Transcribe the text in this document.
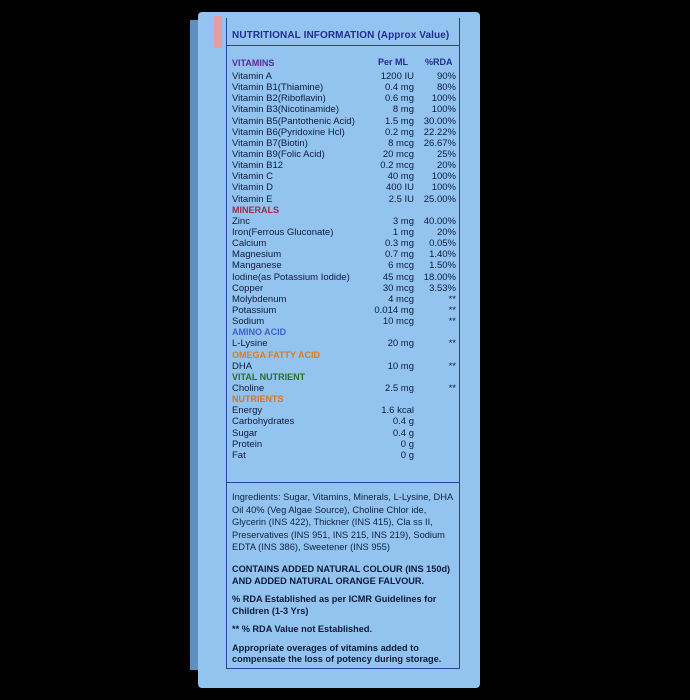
NUTRITIONAL INFORMATION (Approx Value)
Per ML %RDA
VITAMINS
Vitamin A	1200 IU 90%
Vitamin B1(Thiamine)	0.4 mg 80%
Vitamin B2(Riboflavin)	0.6 mg 100%
Vitamin B3(Nicotinamide)	8 mg 100%
Vitamin B5(Pantothenic Acid)	1.5 mg 30.00%
Vitamin B6(Pyridoxine Hcl)	0.2 mg 22.22%
Vitamin B7(Biotin)	8 mcg 26.67%
Vitamin B9(Folic Acid)	20 mcg 25%
Vitamin B12	0.2 mcg 20%
Vitamin C	40 mg 100%
Vitamin D	400 IU 100%
Vitamin E	2.5 IU 25.00%
MINERALS
Zinc	3 mg 40.00%
Iron(Ferrous Gluconate)	1 mg 20%
Calcium	0.3 mg 0.05%
Magnesium	0.7 mg 1.40%
Manganese	6 mcg 1.50%
Iodine(as Potassium Iodide)	45 mcg 18.00%
Copper	30 mcg 3.53%
Molybdenum	4 mcg	**
Potassium	0.014 mg	**
Sodium	10 mcg	**
AMINO ACID
L-Lysine	20 mg	**
OMEGA FATTY ACID
DHA	10 mg	**
VITAL NUTRIENT
Choline	2.5 mg	**
NUTRIENTS
Energy	1.6 kcal
Carbohydrates	0.4 g
Sugar	0.4 g
Protein	0 g
Fat	0 g
Ingredients: Sugar, Vitamins, Minerals, L-Lysine, DHA Oil 40% (Veg Algae Source), Choline Chlor ide, Glycerin (INS 422), Thickner (INS 415), Cla ss II, Preservatives (INS 951, INS 215, INS 219), Sodium EDTA (INS 386), Sweetener (INS 955)

CONTAINS ADDED NATURAL COLOUR (INS 150d) AND ADDED NATURAL ORANGE FALVOUR.

% RDA Established as per ICMR Guidelines for Children (1-3 Yrs)

** % RDA Value not Established.

Appropriate overages of vitamins added to compensate the loss of potency during storage.
